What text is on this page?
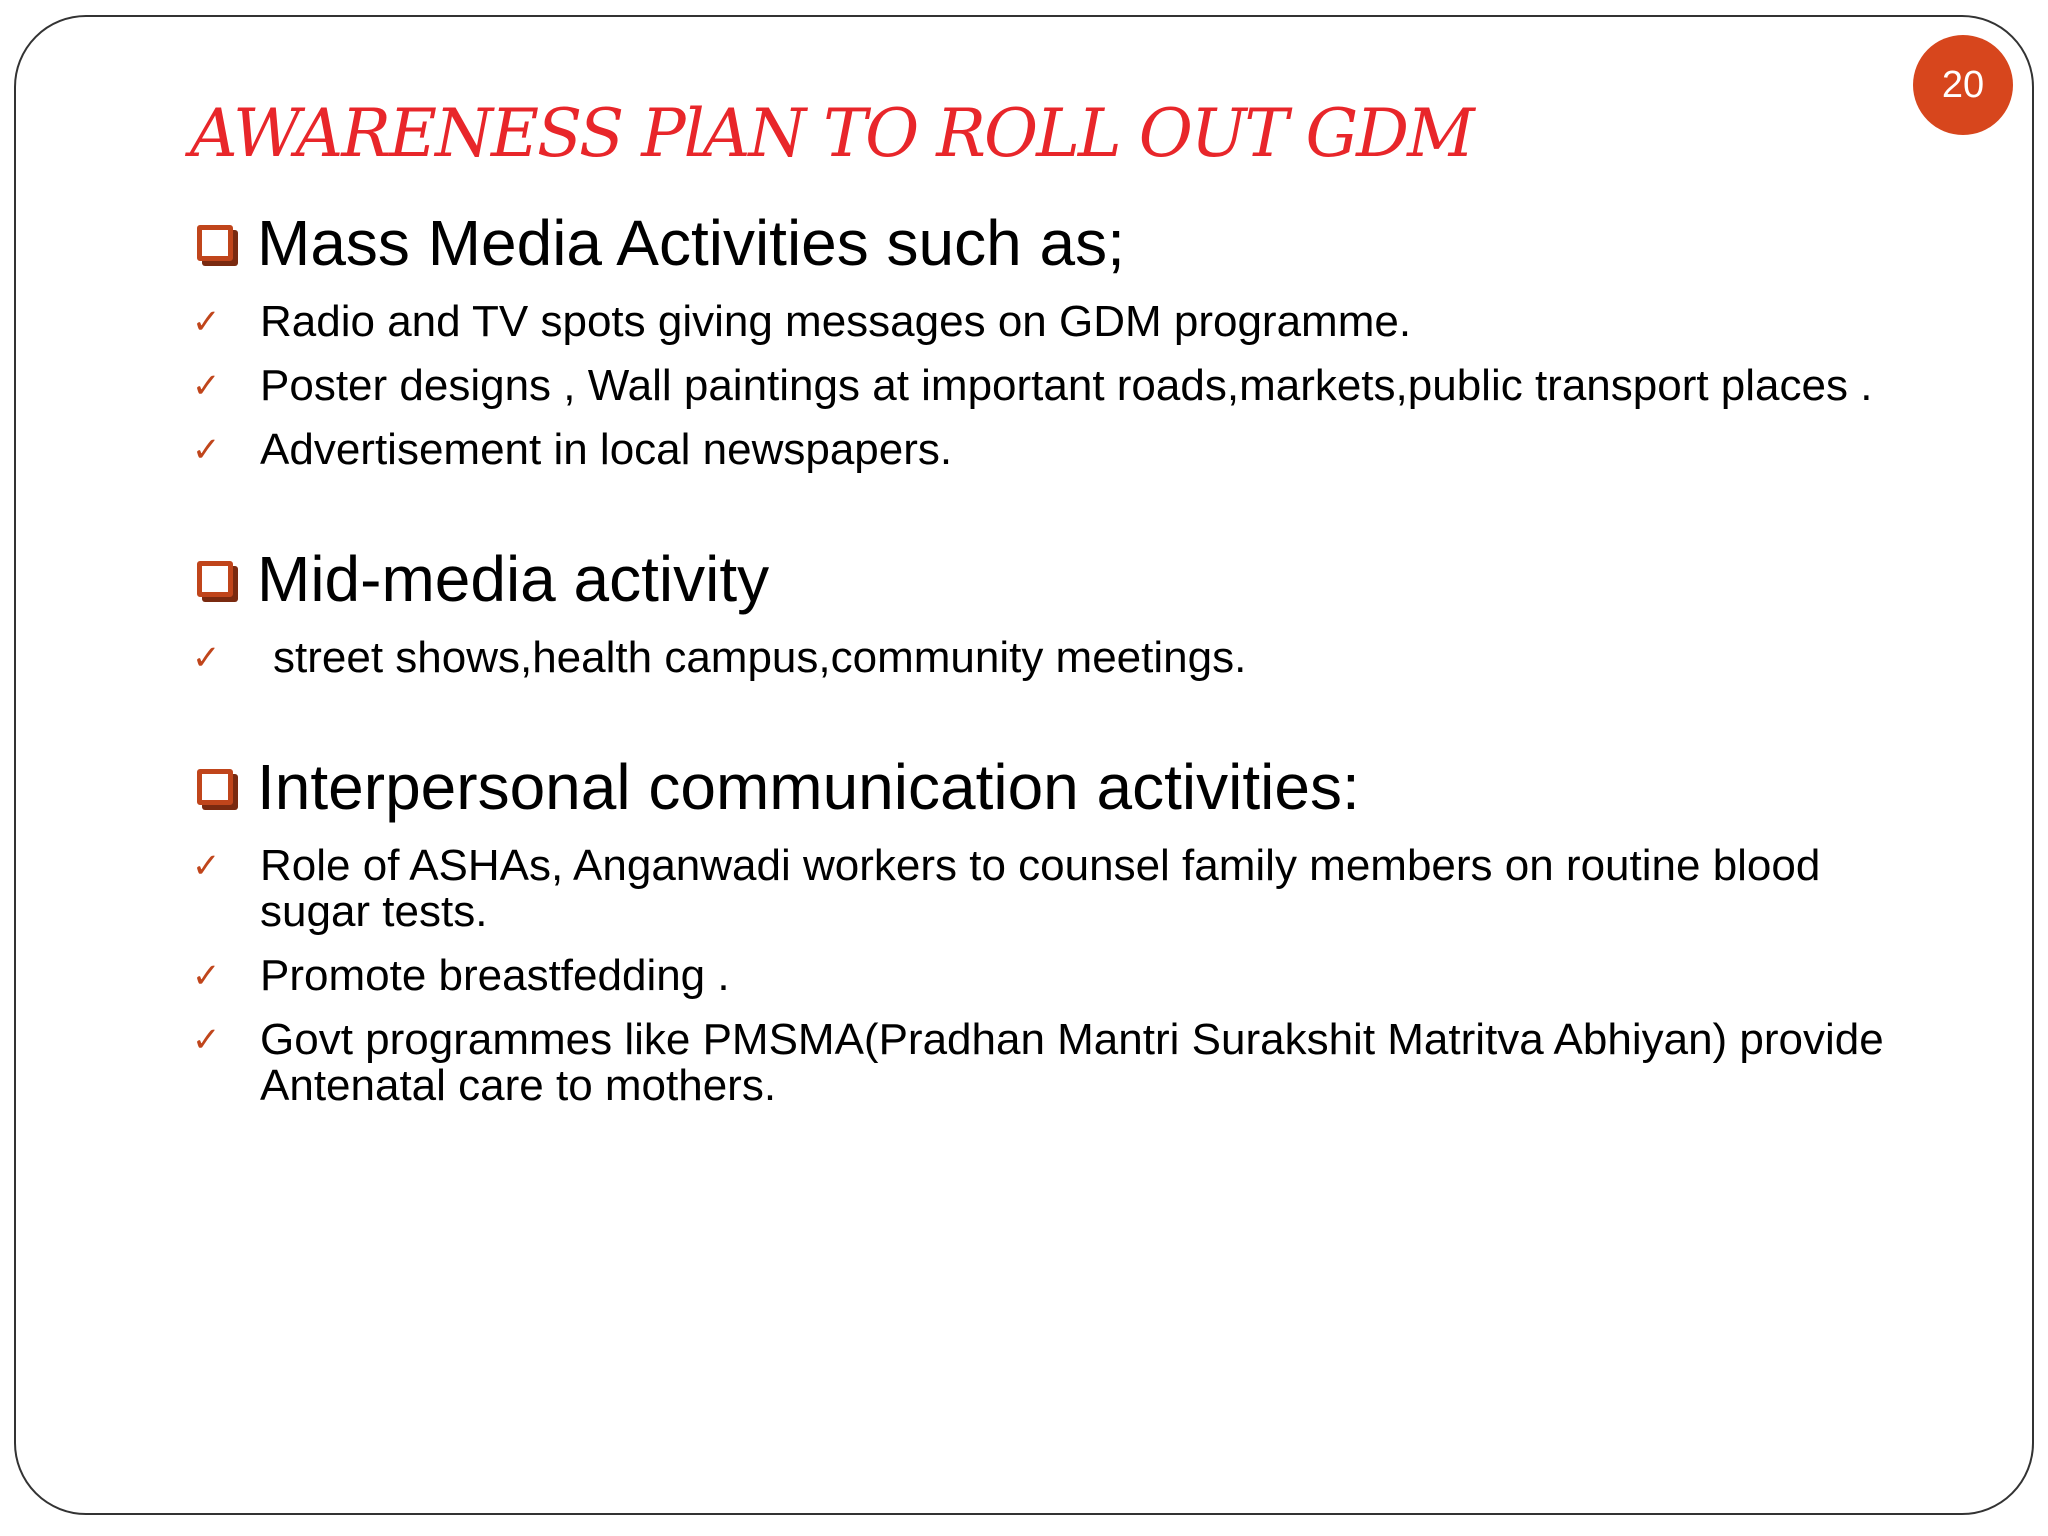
20
AWARENESS PlAN TO ROLL OUT GDM
Mass Media Activities such as;
✓ Radio and TV spots giving messages on GDM programme.
✓ Poster designs , Wall paintings at important roads,markets,public transport places .
✓ Advertisement in local newspapers.
Mid-media activity
✓	street shows,health campus,community meetings.
Interpersonal communication activities:
✓ Role of ASHAs, Anganwadi workers to counsel family members on routine blood sugar tests.
✓ Promote breastfedding .
✓ Govt programmes like PMSMA(Pradhan Mantri Surakshit Matritva Abhiyan) provide Antenatal care to mothers.
